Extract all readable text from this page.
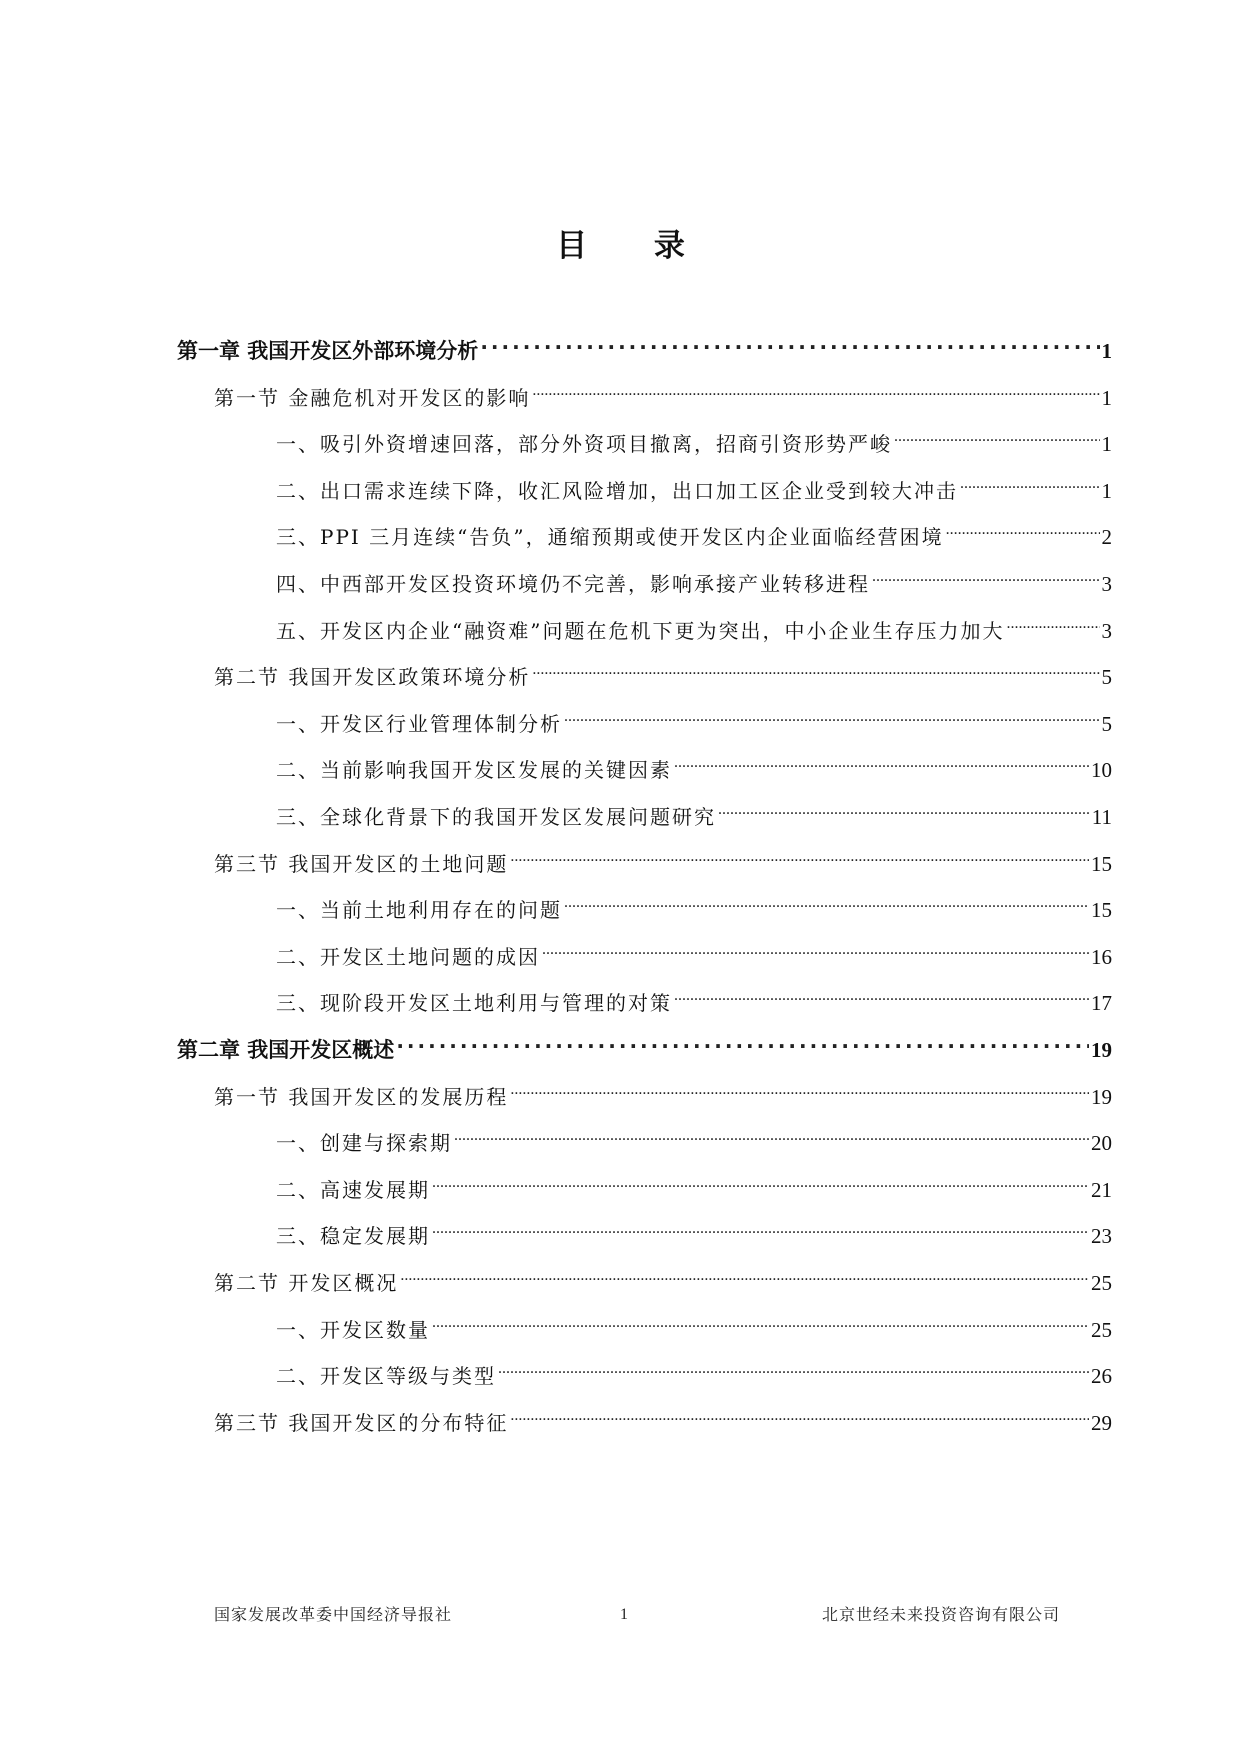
目 录
第一章 我国开发区外部环境分析 .....	1
第一节 金融危机对开发区的影响 .....	1
一、吸引外资增速回落，部分外资项目撤离，招商引资形势严峻 .....	1
二、出口需求连续下降，收汇风险增加，出口加工区企业受到较大冲击 .....	1
三、PPI 三月连续“告负”，通缩预期或使开发区内企业面临经营困境 .....	2
四、中西部开发区投资环境仍不完善，影响承接产业转移进程 .....	3
五、开发区内企业“融资难”问题在危机下更为突出，中小企业生存压力加大 .....	3
第二节 我国开发区政策环境分析 .....	5
一、开发区行业管理体制分析 .....	5
二、当前影响我国开发区发展的关键因素 .....	10
三、全球化背景下的我国开发区发展问题研究 .....	11
第三节 我国开发区的土地问题 .....	15
一、当前土地利用存在的问题 .....	15
二、开发区土地问题的成因 .....	16
三、现阶段开发区土地利用与管理的对策 .....	17
第二章 我国开发区概述 .....	19
第一节 我国开发区的发展历程 .....	19
一、创建与探索期 .....	20
二、高速发展期 .....	21
三、稳定发展期 .....	23
第二节 开发区概况 .....	25
一、开发区数量 .....	25
二、开发区等级与类型 .....	26
第三节 我国开发区的分布特征 .....	29
国家发展改革委中国经济导报社	1	北京世经未来投资咨询有限公司
